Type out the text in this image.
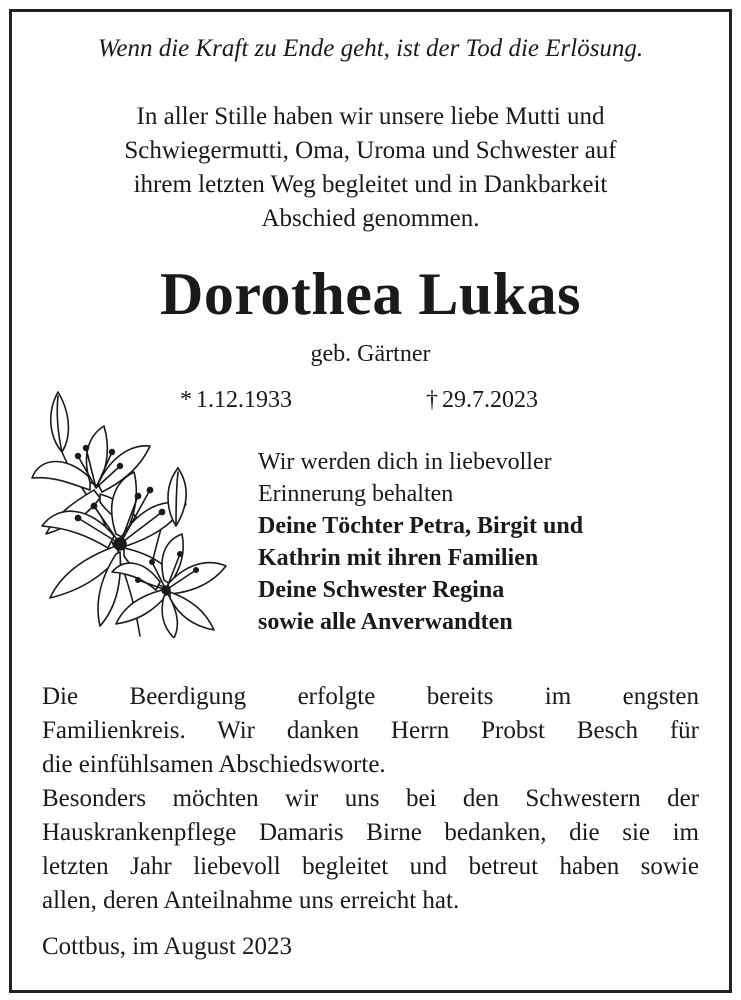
Wenn die Kraft zu Ende geht, ist der Tod die Erlösung.
In aller Stille haben wir unsere liebe Mutti und
Schwiegermutti, Oma, Uroma und Schwester auf
ihrem letzten Weg begleitet und in Dankbarkeit
Abschied genommen.
Dorothea Lukas
geb. Gärtner
* 1.12.1933	† 29.7.2023
Wir werden dich in liebevoller
Erinnerung behalten
Deine Töchter Petra, Birgit und
Kathrin mit ihren Familien
Deine Schwester Regina
sowie alle Anverwandten
Die Beerdigung erfolgte bereits im engsten
Familienkreis. Wir danken Herrn Probst Besch für
die einfühlsamen Abschiedsworte.
Besonders möchten wir uns bei den Schwestern der
Hauskrankenpflege Damaris Birne bedanken, die sie im
letzten Jahr liebevoll begleitet und betreut haben sowie
allen, deren Anteilnahme uns erreicht hat.
Cottbus, im August 2023
